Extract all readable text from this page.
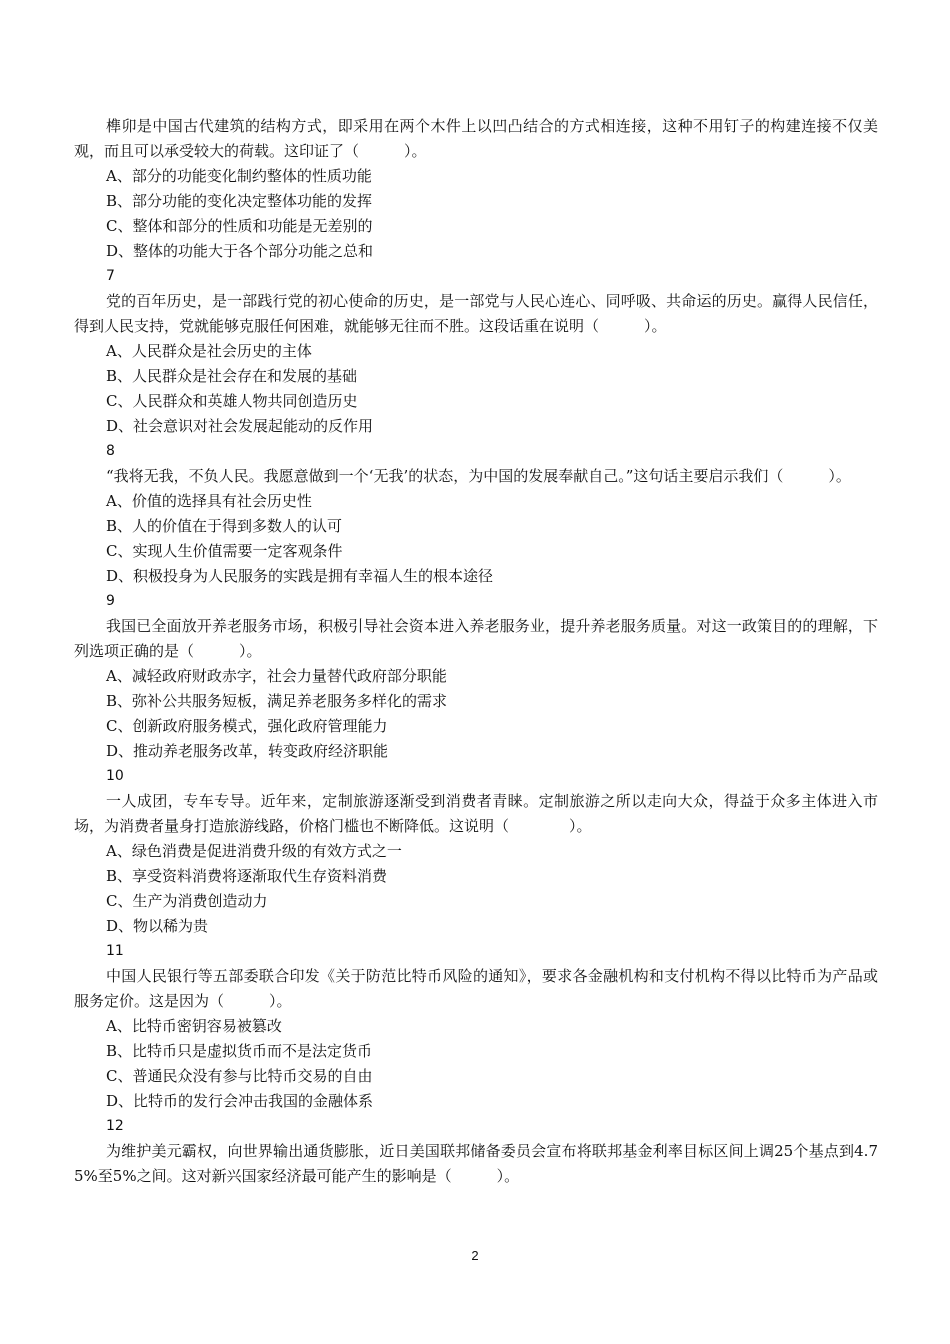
榫卯是中国古代建筑的结构方式，即采用在两个木件上以凹凸结合的方式相连接，这种不用钉子的构建连接不仅美观，而且可以承受较大的荷载。这印证了（　　　）。
A、部分的功能变化制约整体的性质功能
B、部分功能的变化决定整体功能的发挥
C、整体和部分的性质和功能是无差别的
D、整体的功能大于各个部分功能之总和
7
党的百年历史，是一部践行党的初心使命的历史，是一部党与人民心连心、同呼吸、共命运的历史。赢得人民信任，得到人民支持，党就能够克服任何困难，就能够无往而不胜。这段话重在说明（　　　）。
A、人民群众是社会历史的主体
B、人民群众是社会存在和发展的基础
C、人民群众和英雄人物共同创造历史
D、社会意识对社会发展起能动的反作用
8
“我将无我，不负人民。我愿意做到一个‘无我’的状态，为中国的发展奉献自己。”这句话主要启示我们（　　　）。
A、价值的选择具有社会历史性
B、人的价值在于得到多数人的认可
C、实现人生价值需要一定客观条件
D、积极投身为人民服务的实践是拥有幸福人生的根本途径
9
我国已全面放开养老服务市场，积极引导社会资本进入养老服务业，提升养老服务质量。对这一政策目的的理解，下列选项正确的是（　　　）。
A、减轻政府财政赤字，社会力量替代政府部分职能
B、弥补公共服务短板，满足养老服务多样化的需求
C、创新政府服务模式，强化政府管理能力
D、推动养老服务改革，转变政府经济职能
10
一人成团，专车专导。近年来，定制旅游逐渐受到消费者青睐。定制旅游之所以走向大众，得益于众多主体进入市场，为消费者量身打造旅游线路，价格门槛也不断降低。这说明（　　　　）。
A、绿色消费是促进消费升级的有效方式之一
B、享受资料消费将逐渐取代生存资料消费
C、生产为消费创造动力
D、物以稀为贵
11
中国人民银行等五部委联合印发《关于防范比特币风险的通知》，要求各金融机构和支付机构不得以比特币为产品或服务定价。这是因为（　　　）。
A、比特币密钥容易被篡改
B、比特币只是虚拟货币而不是法定货币
C、普通民众没有参与比特币交易的自由
D、比特币的发行会冲击我国的金融体系
12
为维护美元霸权，向世界输出通货膨胀，近日美国联邦储备委员会宣布将联邦基金利率目标区间上调25个基点到4.75%至5%之间。这对新兴国家经济最可能产生的影响是（　　　）。
2
